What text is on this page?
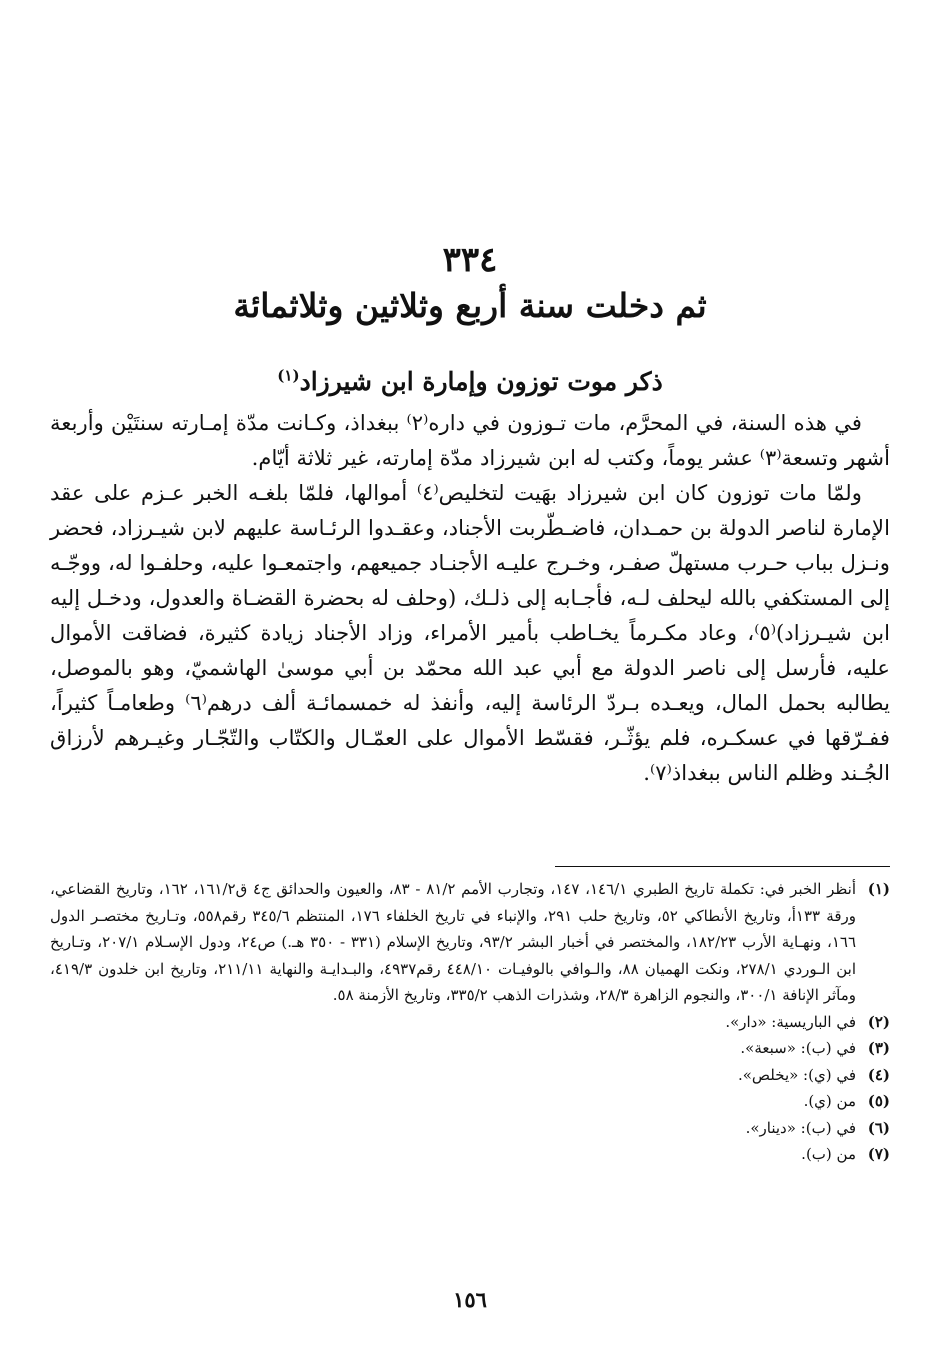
٣٣٤
ثم دخلت سنة أربع وثلاثين وثلاثمائة
ذكر موت توزون وإمارة ابن شيرزاد$^{(١)}$

في هذه السنة، في المحرَّم، مات تـوزون في داره⁽٢⁾ ببغداذ، وكـانت مدّة إمـارته سنتَيْن وأربعة أشهر وتسعة⁽٣⁾ عشر يوماً، وكتب له ابن شيرزاد مدّة إمارته، غير ثلاثة أيّام.

ولمّا مات توزون كان ابن شيرزاد بهَيت لتخليص⁽٤⁾ أموالها، فلمّا بلغـه الخبر عـزم على عقد الإمارة لناصر الدولة بن حمـدان، فاضـطّربت الأجناد، وعقـدوا الرئـاسة عليهم لابن شيـرزاد، فحضر ونـزل بباب حـرب مستهلّ صفـر، وخـرج عليـه الأجنـاد جميعهم، واجتمعـوا عليه، وحلفـوا له، ووجّـه إلى المستكفي بالله ليحلف لـه، فأجـابه إلى ذلـك، (وحلف له بحضرة القضـاة والعدول، ودخـل إليه ابن شيـرزاد)⁽٥⁾، وعاد مكـرماً يخـاطب بأمير الأمراء، وزاد الأجناد زيادة كثيرة، فضاقت الأموال عليه، فأرسل إلى ناصر الدولة مع أبي عبد الله محمّد بن أبي موسىٰ الهاشميّ، وهو بالموصل، يطالبه بحمل المال، ويعـده بـردّ الرئاسة إليه، وأنفذ له خمسمائـة ألف درهم⁽٦⁾ وطعامـاً كثيراً، ففـرّقها في عسكـره، فلم يؤثّـر، فقسّط الأموال على العمّـال والكتّاب والتّجّـار وغيـرهم لأرزاق الجُـند وظلم الناس ببغداذ⁽٧⁾.

(١)
أنظر الخبر في: تكملة تاريخ الطبري ١٤٦/١، ١٤٧، وتجارب الأمم ٨١/٢ - ٨٣، والعيون والحدائق ج٤ ق١٦١/٢، ١٦٢، وتاريخ القضاعي، ورقة ١٣٣أ، وتاريخ الأنطاكي ٥٢، وتاريخ حلب ٢٩١، والإنباء في تاريخ الخلفاء ١٧٦، المنتظم ٣٤٥/٦ رقم٥٥٨، وتـاريخ مختصـر الدول ١٦٦، ونهـاية الأرب ١٨٢/٢٣، والمختصر في أخبار البشر ٩٣/٢، وتاريخ الإسلام (٣٣١ - ٣٥٠ هـ.) ص٢٤، ودول الإسـلام ٢٠٧/١، وتـاريخ ابن الـوردي ٢٧٨/١، ونكت الهميان ٨٨، والـوافي بالوفيـات ٤٤٨/١٠ رقم٤٩٣٧، والبـدايـة والنهاية ٢١١/١١، وتاريخ ابن خلدون ٤١٩/٣، ومآثر الإنافة ٣٠٠/١، والنجوم الزاهرة ٢٨/٣، وشذرات الذهب ٣٣٥/٢، وتاريخ الأزمنة ٥٨.
(٢)
في الباريسية: «دار».
(٣)
في (ب): «سبعة».
(٤)
في (ي): «يخلص».
(٥)
من (ي).
(٦)
في (ب): «دينار».
(٧)
من (ب).
١٥٦
